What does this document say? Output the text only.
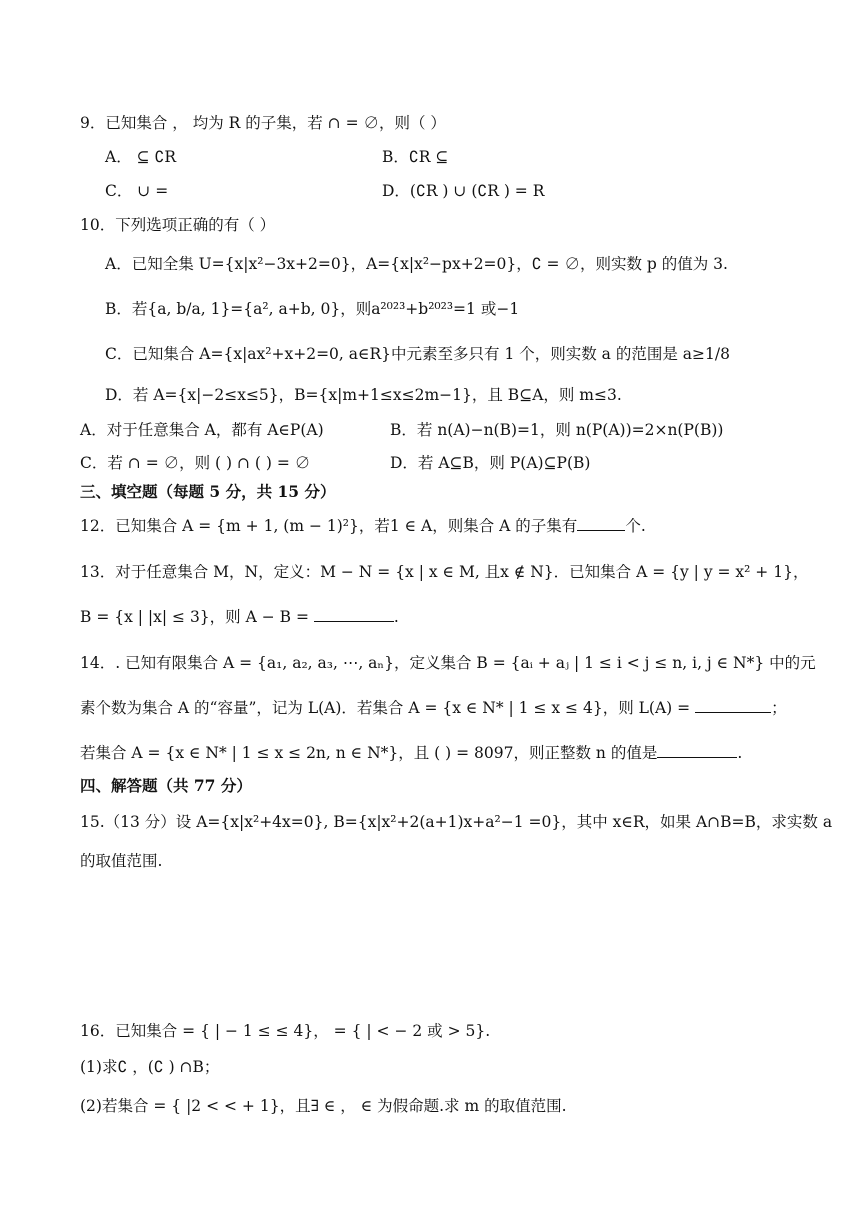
9．已知集合 ， 均为 R 的子集，若 ∩ = ∅，则（ ）
A． ⊆ ∁R	B．∁R ⊆
C． ∪ =	D．(∁R ) ∪ (∁R ) = R
10．下列选项正确的有（ ）
A．已知全集 U={x|x²−3x+2=0}，A={x|x²−px+2=0}，∁ = ∅，则实数 p 的值为 3.
B．若{a, b/a, 1}={a², a+b, 0}，则a²⁰²³+b²⁰²³=1 或−1
C．已知集合 A={x|ax²+x+2=0, a∈R}中元素至多只有 1 个，则实数 a 的范围是 a≥1/8
D．若 A={x|−2≤x≤5}，B={x|m+1≤x≤2m−1}，且 B⊆A，则 m≤3.
A．对于任意集合 A，都有 A∈P(A)	B．若 n(A)−n(B)=1，则 n(P(A))=2×n(P(B))
C．若 ∩ = ∅，则 ( ) ∩ ( ) = ∅	D．若 A⊆B，则 P(A)⊆P(B)
三、填空题（每题 5 分，共 15 分）
12．已知集合 A = {m + 1, (m − 1)²}，若1 ∈ A，则集合 A 的子集有	个.
13．对于任意集合 M，N，定义：M − N = {x | x ∈ M, 且x ∉ N}．已知集合 A = {y | y = x² + 1}，
B = {x | |x| ≤ 3}，则 A − B =	.
14．. 已知有限集合 A = {a₁, a₂, a₃, ⋯, aₙ}，定义集合 B = {aᵢ + aⱼ | 1 ≤ i < j ≤ n, i, j ∈ N*} 中的元
素个数为集合 A 的“容量”，记为 L(A)．若集合 A = {x ∈ N* | 1 ≤ x ≤ 4}，则 L(A) =	；
若集合 A = {x ∈ N* | 1 ≤ x ≤ 2n, n ∈ N*}，且 ( ) = 8097，则正整数 n 的值是	.
四、解答题（共 77 分）
15.（13 分）设 A={x|x²+4x=0}, B={x|x²+2(a+1)x+a²−1 =0}，其中 x∈R，如果 A∩B=B，求实数 a
的取值范围.
16．已知集合 = { | − 1 ≤ ≤ 4}， = { | < − 2 或 > 5}.
(1)求∁ ，(∁ ) ∩B；
(2)若集合 = { |2 < < + 1}，且∃ ∈ ， ∈ 为假命题.求 m 的取值范围.
